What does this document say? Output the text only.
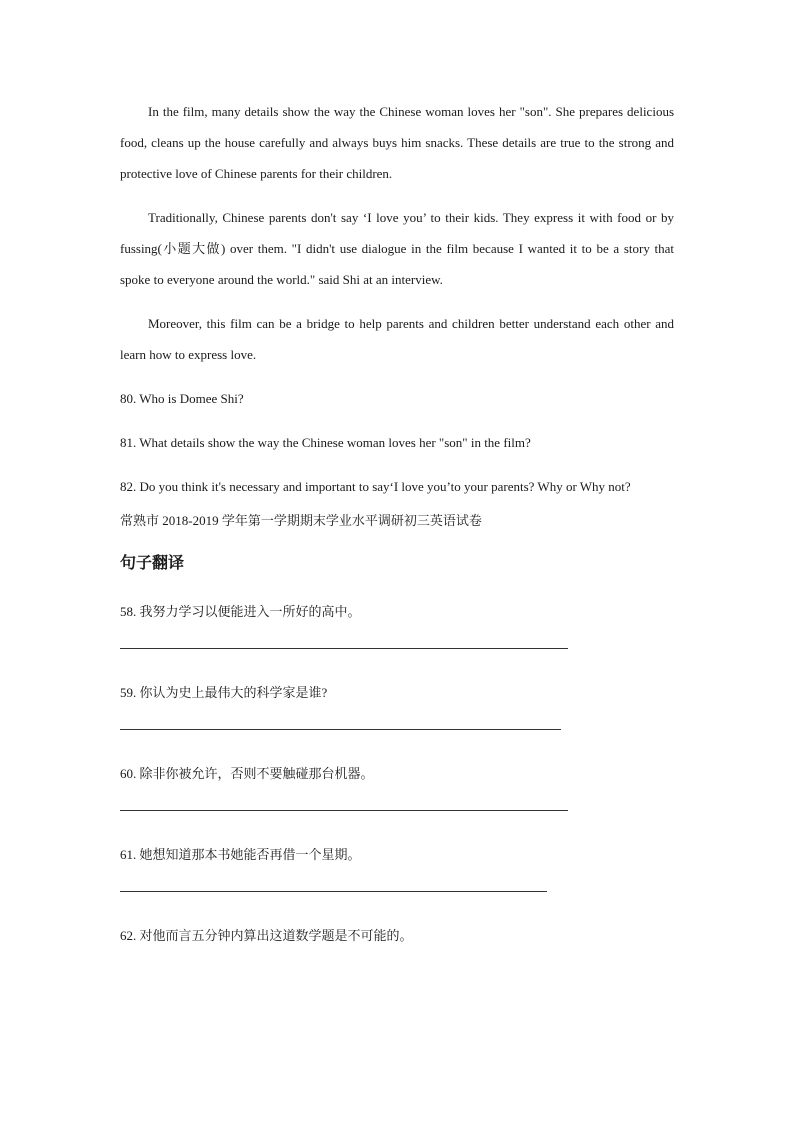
In the film, many details show the way the Chinese woman loves her "son". She prepares delicious food, cleans up the house carefully and always buys him snacks. These details are true to the strong and protective love of Chinese parents for their children.

Traditionally, Chinese parents don't say ‘I love you’ to their kids. They express it with food or by fussing(小题大做) over them. "I didn't use dialogue in the film because I wanted it to be a story that spoke to everyone around the world." said Shi at an interview.

Moreover, this film can be a bridge to help parents and children better understand each other and learn how to express love.

80. Who is Domee Shi?

81. What details show the way the Chinese woman loves her "son" in the film?

82. Do you think it's necessary and important to say‘I love you’to your parents? Why or Why not?

常熟市 2018-2019 学年第一学期期末学业水平调研初三英语试卷

句子翻译

58. 我努力学习以便能进入一所好的高中。

59. 你认为史上最伟大的科学家是谁?

60. 除非你被允许，否则不要触碰那台机器。

61. 她想知道那本书她能否再借一个星期。

62. 对他而言五分钟内算出这道数学题是不可能的。
